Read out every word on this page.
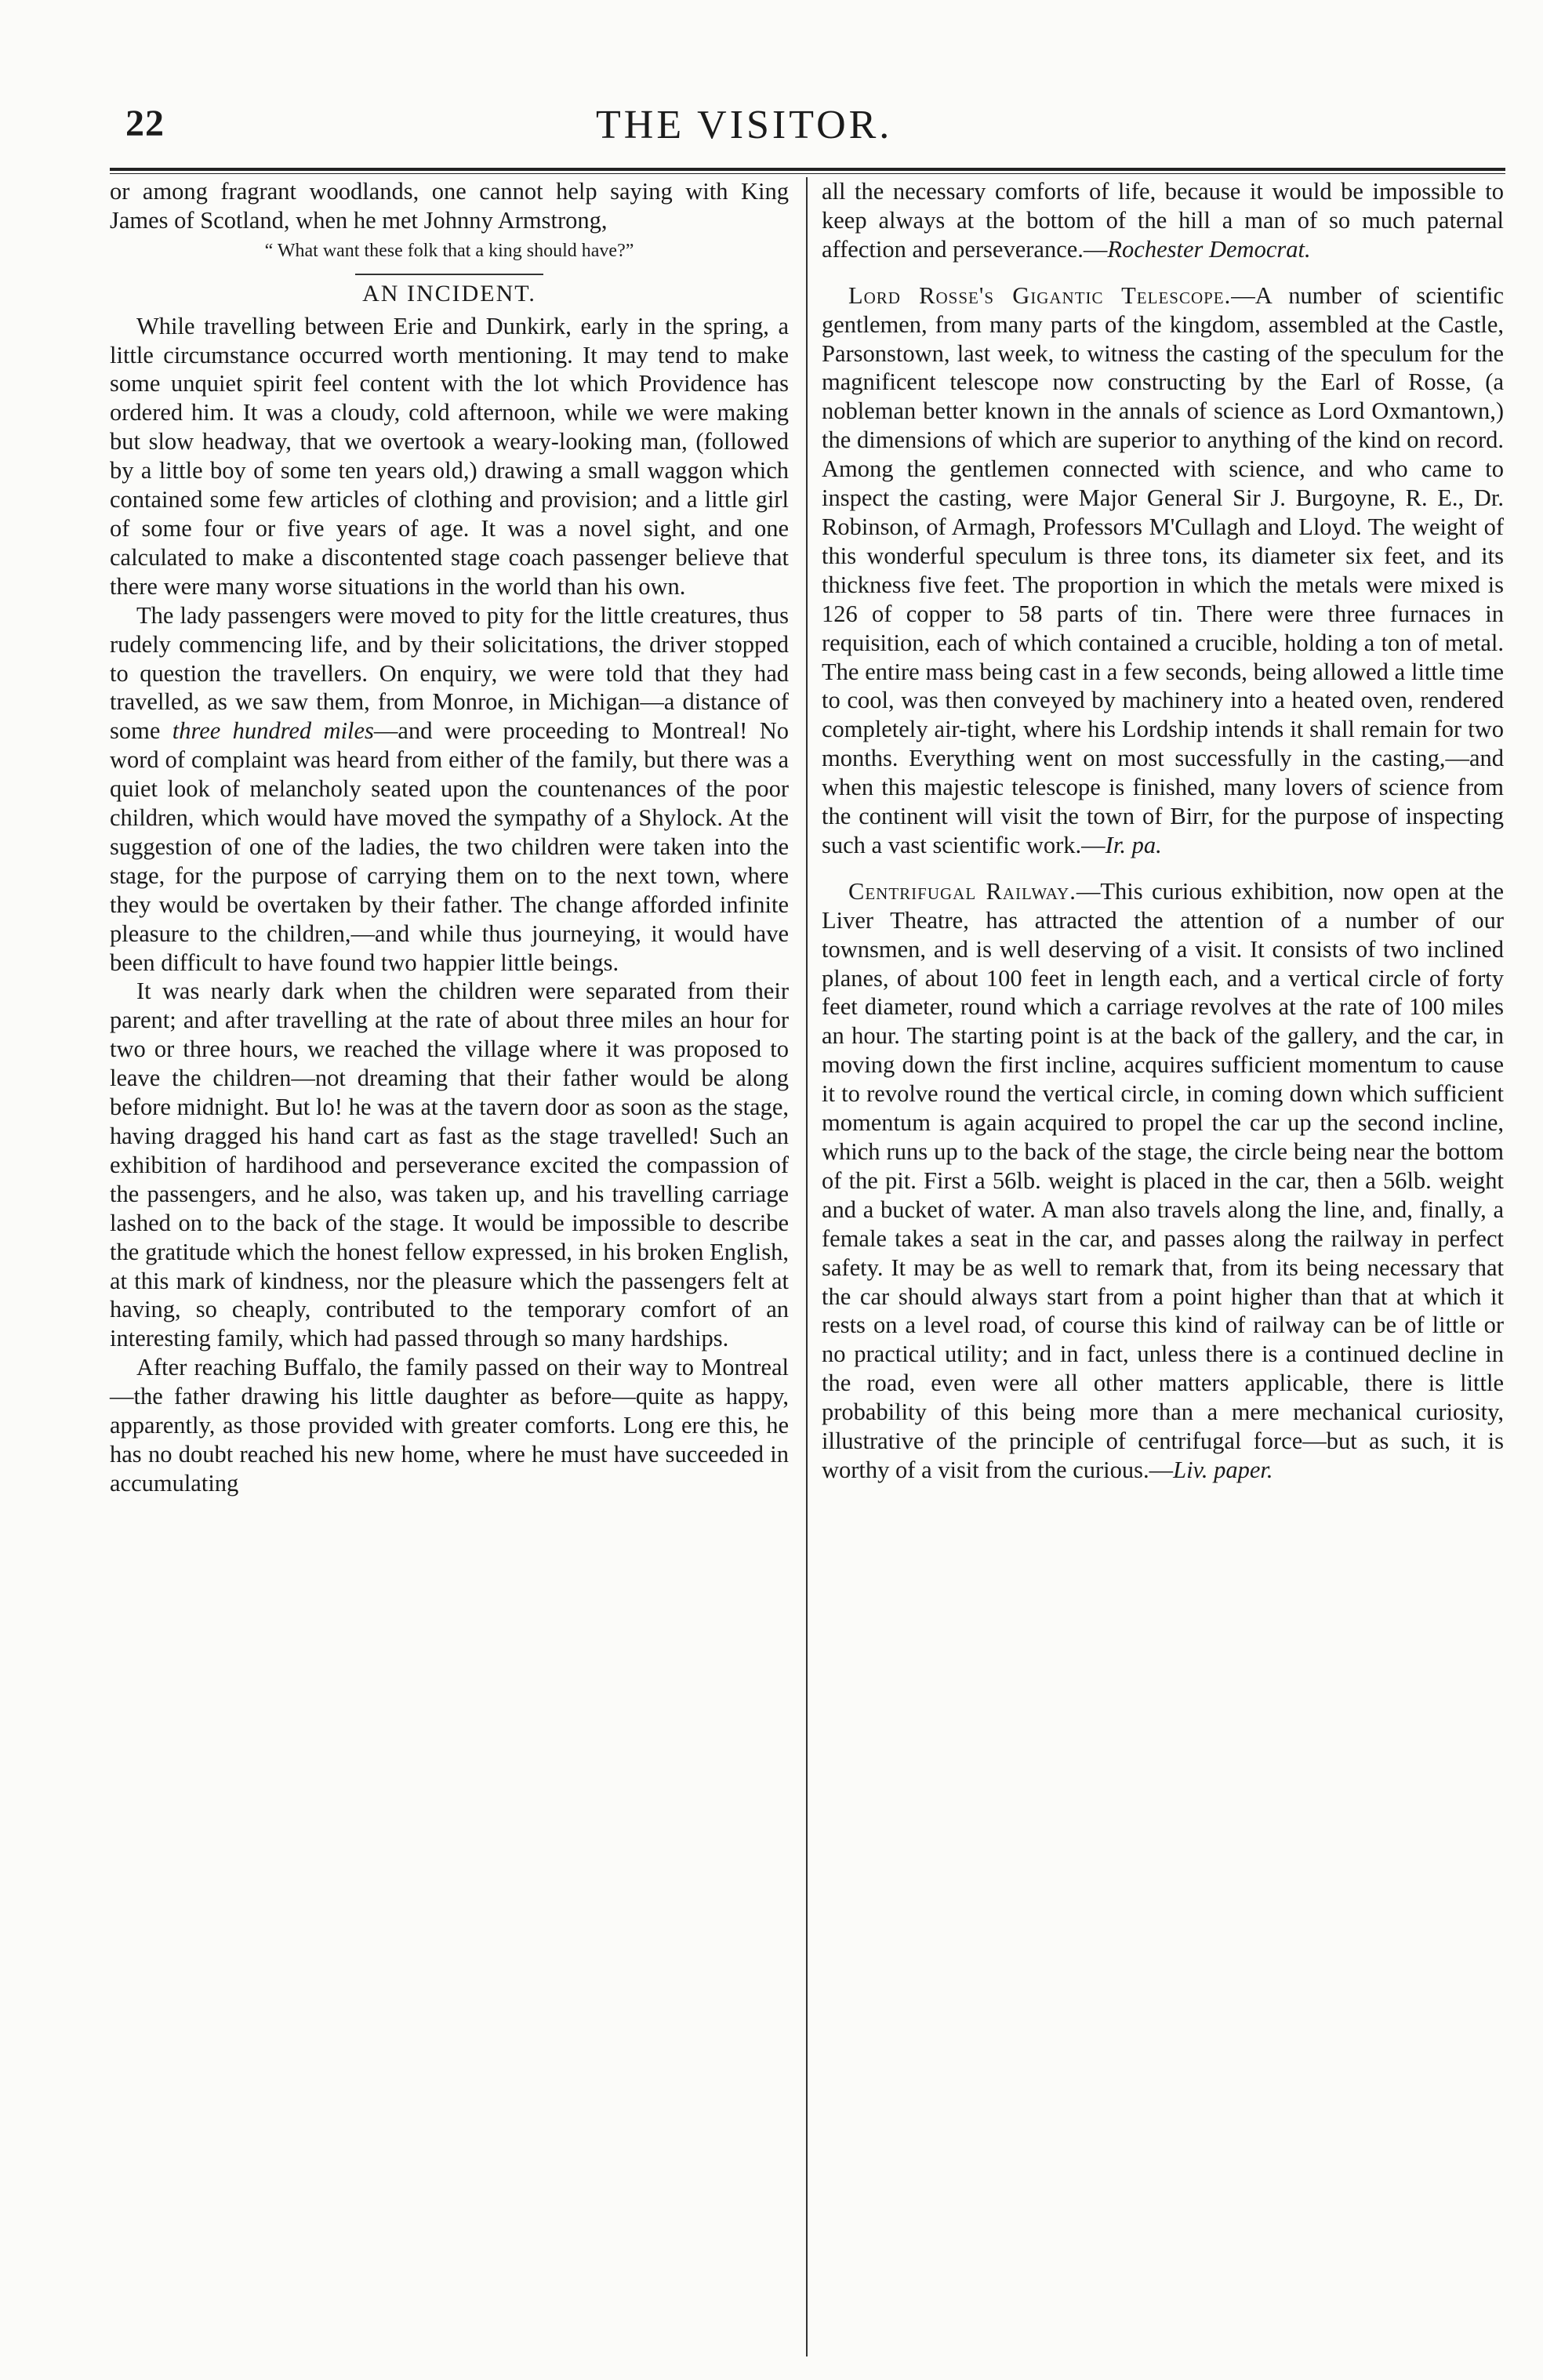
22	THE VISITOR.

or among fragrant woodlands, one cannot help saying with King James of Scotland, when he met Johnny Armstrong,

“ What want these folk that a king should have?”

AN INCIDENT.

While travelling between Erie and Dunkirk, early in the spring, a little circumstance occurred worth mentioning. It may tend to make some unquiet spirit feel content with the lot which Providence has ordered him. It was a cloudy, cold afternoon, while we were making but slow headway, that we overtook a weary-looking man, (followed by a little boy of some ten years old,) drawing a small waggon which contained some few articles of clothing and provision; and a little girl of some four or five years of age. It was a novel sight, and one calculated to make a discontented stage coach passenger believe that there were many worse situations in the world than his own.

The lady passengers were moved to pity for the little creatures, thus rudely commencing life, and by their solicitations, the driver stopped to question the travellers. On enquiry, we were told that they had travelled, as we saw them, from Monroe, in Michigan—a distance of some three hundred miles—and were proceeding to Montreal! No word of complaint was heard from either of the family, but there was a quiet look of melancholy seated upon the countenances of the poor children, which would have moved the sympathy of a Shylock. At the suggestion of one of the ladies, the two children were taken into the stage, for the purpose of carrying them on to the next town, where they would be overtaken by their father. The change afforded infinite pleasure to the children,—and while thus journeying, it would have been difficult to have found two happier little beings.

It was nearly dark when the children were separated from their parent; and after travelling at the rate of about three miles an hour for two or three hours, we reached the village where it was proposed to leave the children—not dreaming that their father would be along before midnight. But lo! he was at the tavern door as soon as the stage, having dragged his hand cart as fast as the stage travelled! Such an exhibition of hardihood and perseverance excited the compassion of the passengers, and he also, was taken up, and his travelling carriage lashed on to the back of the stage. It would be impossible to describe the gratitude which the honest fellow expressed, in his broken English, at this mark of kindness, nor the pleasure which the passengers felt at having, so cheaply, contributed to the temporary comfort of an interesting family, which had passed through so many hardships.

After reaching Buffalo, the family passed on their way to Montreal—the father drawing his little daughter as before—quite as happy, apparently, as those provided with greater comforts. Long ere this, he has no doubt reached his new home, where he must have succeeded in accumulating

all the necessary comforts of life, because it would be impossible to keep always at the bottom of the hill a man of so much paternal affection and perseverance.—Rochester Democrat.

Lord Rosse's Gigantic Telescope.—A number of scientific gentlemen, from many parts of the kingdom, assembled at the Castle, Parsonstown, last week, to witness the casting of the speculum for the magnificent telescope now constructing by the Earl of Rosse, (a nobleman better known in the annals of science as Lord Oxmantown,) the dimensions of which are superior to anything of the kind on record. Among the gentlemen connected with science, and who came to inspect the casting, were Major General Sir J. Burgoyne, R. E., Dr. Robinson, of Armagh, Professors M'Cullagh and Lloyd. The weight of this wonderful speculum is three tons, its diameter six feet, and its thickness five feet. The proportion in which the metals were mixed is 126 of copper to 58 parts of tin. There were three furnaces in requisition, each of which contained a crucible, holding a ton of metal. The entire mass being cast in a few seconds, being allowed a little time to cool, was then conveyed by machinery into a heated oven, rendered completely air-tight, where his Lordship intends it shall remain for two months. Everything went on most successfully in the casting,—and when this majestic telescope is finished, many lovers of science from the continent will visit the town of Birr, for the purpose of inspecting such a vast scientific work.—Ir. pa.

Centrifugal Railway.—This curious exhibition, now open at the Liver Theatre, has attracted the attention of a number of our townsmen, and is well deserving of a visit. It consists of two inclined planes, of about 100 feet in length each, and a vertical circle of forty feet diameter, round which a carriage revolves at the rate of 100 miles an hour. The starting point is at the back of the gallery, and the car, in moving down the first incline, acquires sufficient momentum to cause it to revolve round the vertical circle, in coming down which sufficient momentum is again acquired to propel the car up the second incline, which runs up to the back of the stage, the circle being near the bottom of the pit. First a 56lb. weight is placed in the car, then a 56lb. weight and a bucket of water. A man also travels along the line, and, finally, a female takes a seat in the car, and passes along the railway in perfect safety. It may be as well to remark that, from its being necessary that the car should always start from a point higher than that at which it rests on a level road, of course this kind of railway can be of little or no practical utility; and in fact, unless there is a continued decline in the road, even were all other matters applicable, there is little probability of this being more than a mere mechanical curiosity, illustrative of the principle of centrifugal force—but as such, it is worthy of a visit from the curious.—Liv. paper.
